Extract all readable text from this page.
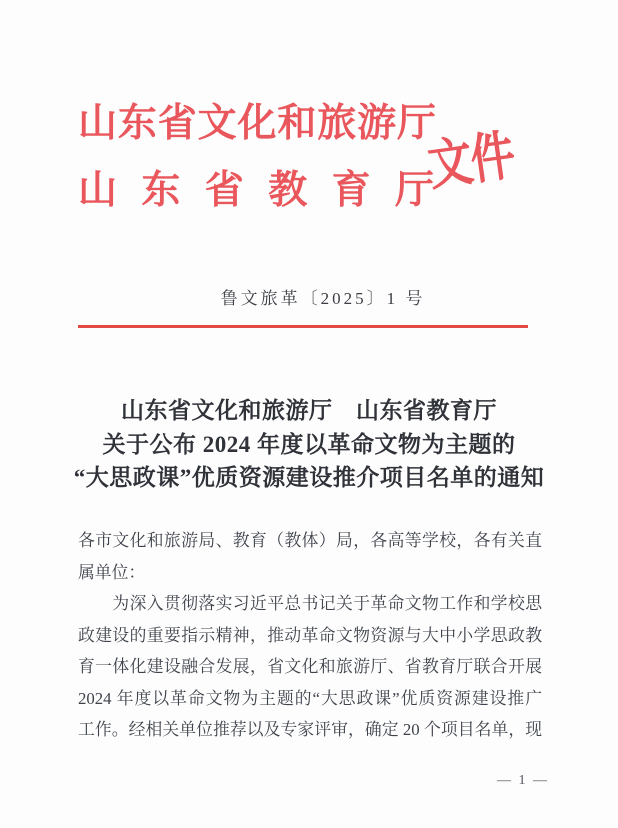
山东省文化和旅游厅
山东省教育厅
文件
鲁文旅革〔2025〕1 号
山东省文化和旅游厅　山东省教育厅
关于公布 2024 年度以革命文物为主题的
“大思政课”优质资源建设推介项目名单的通知
各市文化和旅游局、教育（教体）局，各高等学校，各有关直
属单位：
　　为深入贯彻落实习近平总书记关于革命文物工作和学校思
政建设的重要指示精神，推动革命文物资源与大中小学思政教
育一体化建设融合发展，省文化和旅游厅、省教育厅联合开展
2024 年度以革命文物为主题的“大思政课”优质资源建设推广
工作。经相关单位推荐以及专家评审，确定 20 个项目名单，现
— 1 —
